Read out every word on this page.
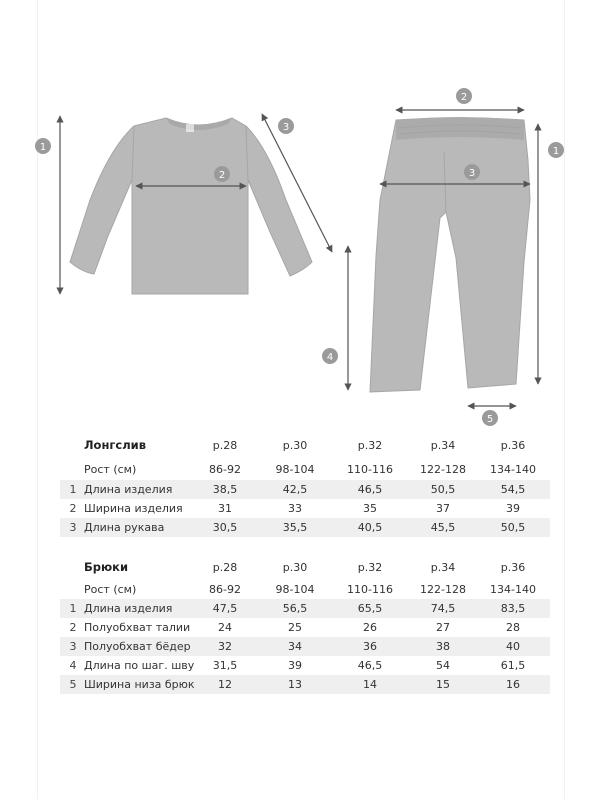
1
2
3
1
2
3
4
5
Лонгслив	р.28	р.30	р.32	р.34	р.36
Рост (см)	86-92	98-104	110-116	122-128	134-140
1 Длина изделия	38,5	42,5	46,5	50,5	54,5
2 Ширина изделия	31	33	35	37	39
3 Длина рукава	30,5	35,5	40,5	45,5	50,5
Брюки	р.28	р.30	р.32	р.34	р.36
Рост (см)	86-92	98-104	110-116	122-128	134-140
1 Длина изделия	47,5	56,5	65,5	74,5	83,5
2 Полуобхват талии	24	25	26	27	28
3 Полуобхват бёдер	32	34	36	38	40
4 Длина по шаг. шву	31,5	39	46,5	54	61,5
5 Ширина низа брюк	12	13	14	15	16
